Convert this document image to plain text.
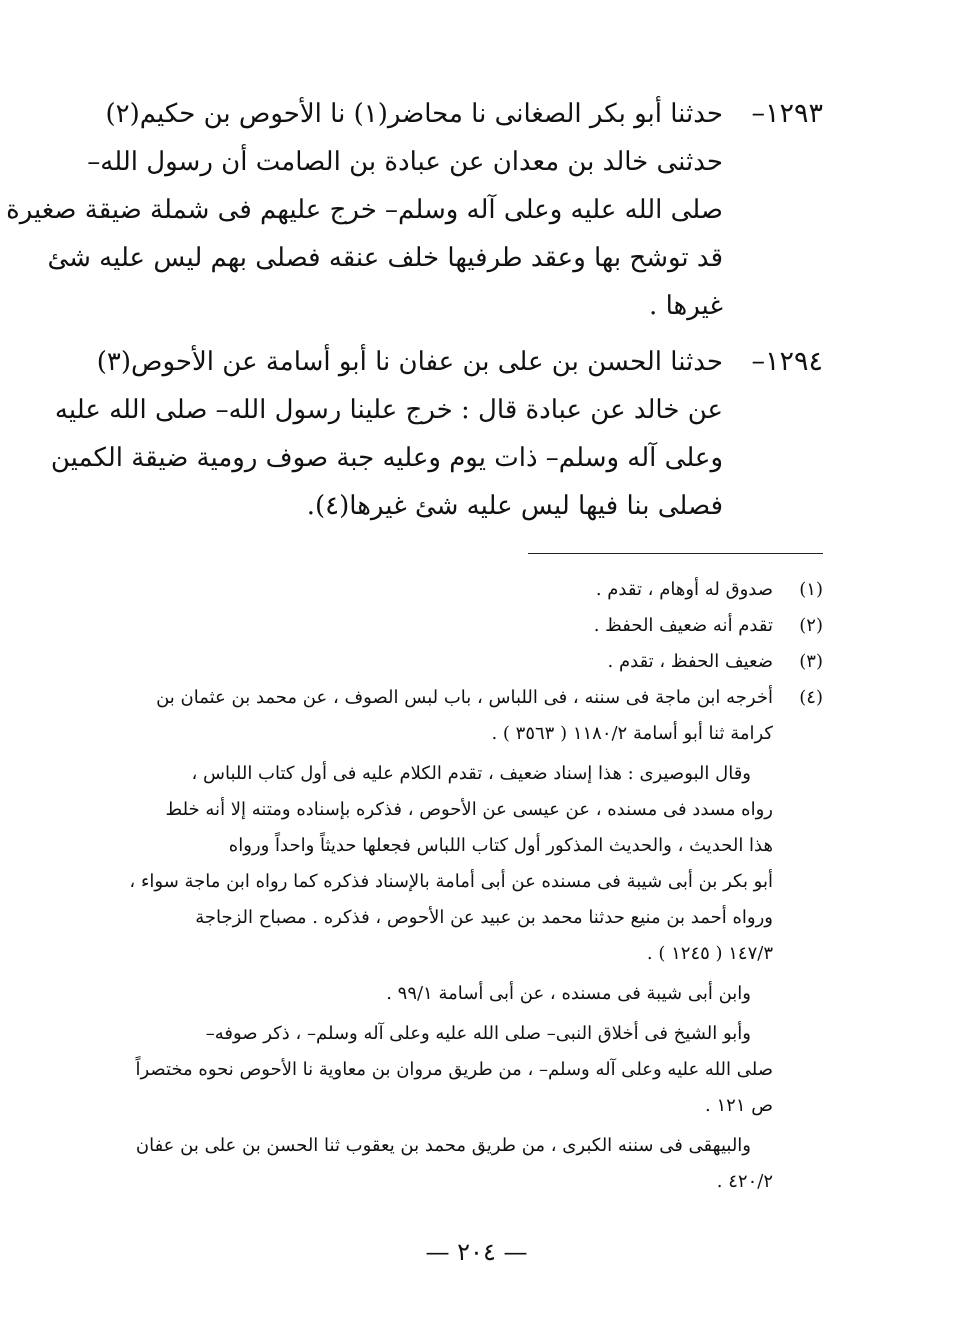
١٢٩٣–
حدثنا أبو بكر الصغانى نا محاضر(١) نا الأحوص بن حكيم(٢)
حدثنى خالد بن معدان عن عبادة بن الصامت أن رسول الله–
صلى الله عليه وعلى آله وسلم– خرج عليهم فى شملة ضيقة صغيرة
قد توشح بها وعقد طرفيها خلف عنقه فصلى بهم ليس عليه شئ
غيرها .
١٢٩٤–
حدثنا الحسن بن على بن عفان نا أبو أسامة عن الأحوص(٣)
عن خالد عن عبادة قال : خرج علينا رسول الله– صلى الله عليه
وعلى آله وسلم– ذات يوم وعليه جبة صوف رومية ضيقة الكمين
فصلى بنا فيها ليس عليه شئ غيرها(٤).
(١)
صدوق له أوهام ، تقدم .
(٢)
تقدم أنه ضعيف الحفظ .
(٣)
ضعيف الحفظ ، تقدم .
(٤)
أخرجه ابن ماجة فى سننه ، فى اللباس ، باب لبس الصوف ، عن محمد بن عثمان بن
كرامة ثنا أبو أسامة ١١٨٠/٢ ( ٣٥٦٣ ) .
وقال البوصيرى : هذا إسناد ضعيف ، تقدم الكلام عليه فى أول كتاب اللباس ،
رواه مسدد فى مسنده ، عن عيسى عن الأحوص ، فذكره بإسناده ومتنه إلا أنه خلط
هذا الحديث ، والحديث المذكور أول كتاب اللباس فجعلها حديثاً واحداً ورواه
أبو بكر بن أبى شيبة فى مسنده عن أبى أمامة بالإسناد فذكره كما رواه ابن ماجة سواء ،
ورواه أحمد بن منيع حدثنا محمد بن عبيد عن الأحوص ، فذكره . مصباح الزجاجة
١٤٧/٣ ( ١٢٤٥ ) .
وابن أبى شيبة فى مسنده ، عن أبى أسامة ٩٩/١ .
وأبو الشيخ فى أخلاق النبى– صلى الله عليه وعلى آله وسلم– ، ذكر صوفه–
صلى الله عليه وعلى آله وسلم– ، من طريق مروان بن معاوية نا الأحوص نحوه مختصراً
ص ١٢١ .
والبيهقى فى سننه الكبرى ، من طريق محمد بن يعقوب ثنا الحسن بن على بن عفان
٤٢٠/٢ .
— ٢٠٤ —
